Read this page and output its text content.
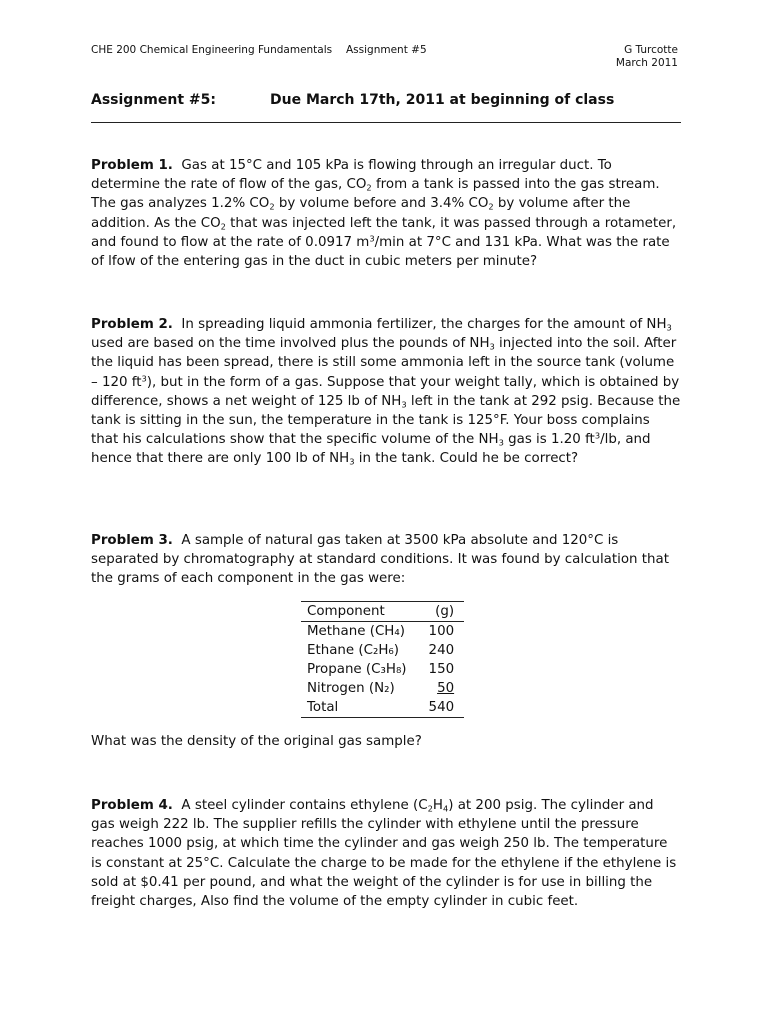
CHE 200 Chemical Engineering Fundamentals Assignment #5	G Turcotte
March 2011
Assignment #5:	Due March 17th, 2011 at beginning of class

Problem 1.  Gas at 15°C and 105 kPa is flowing through an irregular duct. To determine the rate of flow of the gas, $CO_2$ from a tank is passed into the gas stream. The gas analyzes 1.2% $CO_2$ by volume before and 3.4% $CO_2$ by volume after the addition. As the $CO_2$ that was injected left the tank, it was passed through a rotameter, and found to flow at the rate of 0.0917 $m^3/\min$ at 7°C and 131 kPa. What was the rate of lfow of the entering gas in the duct in cubic meters per minute?

Problem 2.  In spreading liquid ammonia fertilizer, the charges for the amount of $NH_3$ used are based on the time involved plus the pounds of $NH_3$ injected into the soil. After the liquid has been spread, there is still some ammonia left in the source tank (volume – 120 $ft^3$), but in the form of a gas. Suppose that your weight tally, which is obtained by difference, shows a net weight of 125 lb of $NH_3$ left in the tank at 292 psig. Because the tank is sitting in the sun, the temperature in the tank is 125°F. Your boss complains that his calculations show that the specific volume of the $NH_3$ gas is 1.20 $ft^3/lb$, and hence that there are only 100 lb of $NH_3$ in the tank. Could he be correct?

Problem 3.  A sample of natural gas taken at 3500 kPa absolute and 120°C is separated by chromatography at standard conditions. It was found by calculation that the grams of each component in the gas were:

Component	(g)
Methane (CH₄)	100
Ethane (C₂H₆)	240
Propane (C₃H₈)	150
Nitrogen (N₂)	50
Total	540
What was the density of the original gas sample?

Problem 4.  A steel cylinder contains ethylene $(C_2H_4)$ at 200 psig. The cylinder and gas weigh 222 lb. The supplier refills the cylinder with ethylene until the pressure reaches 1000 psig, at which time the cylinder and gas weigh 250 lb. The temperature is constant at 25°C. Calculate the charge to be made for the ethylene if the ethylene is sold at $0.41 per pound, and what the weight of the cylinder is for use in billing the freight charges, Also find the volume of the empty cylinder in cubic feet.
